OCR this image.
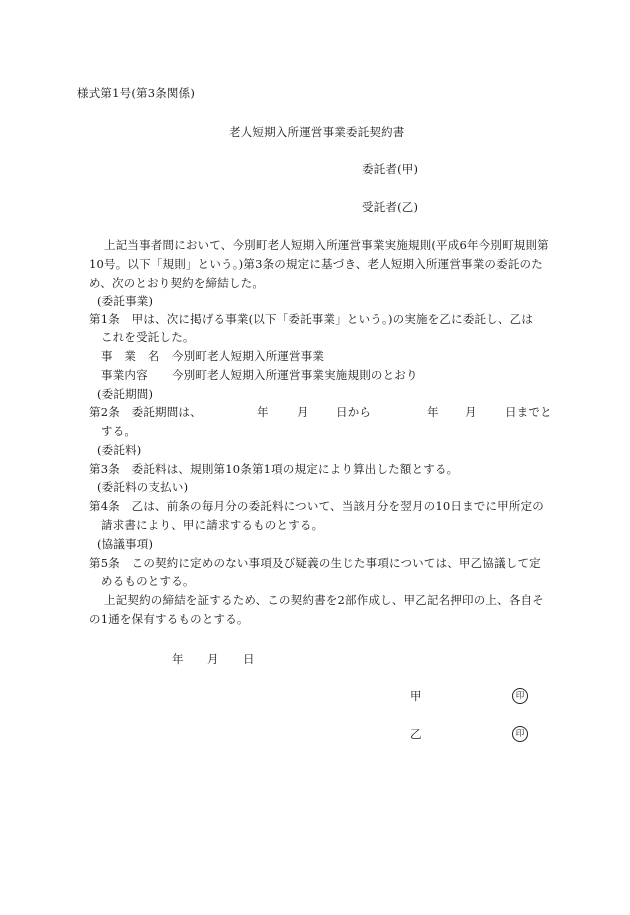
様式第1号(第3条関係)
老人短期入所運営事業委託契約書
委託者(甲)
受託者(乙)
上記当事者間において、今別町老人短期入所運営事業実施規則(平成6年今別町規則第
10号。以下「規則」という。)第3条の規定に基づき、老人短期入所運営事業の委託のた
め、次のとおり契約を締結した。
(委託事業)
第1条　甲は、次に掲げる事業(以下「委託事業」という。)の実施を乙に委託し、乙は
これを受託した。
事　業　名 今別町老人短期入所運営事業
事業内容 今別町老人短期入所運営事業実施規則のとおり
(委託期間)
第2条　委託期間は、	年 月 日から	年 月 日までと
する。
(委託料)
第3条　委託料は、規則第10条第1項の規定により算出した額とする。
(委託料の支払い)
第4条　乙は、前条の毎月分の委託料について、当該月分を翌月の10日までに甲所定の
請求書により、甲に請求するものとする。
(協議事項)
第5条　この契約に定めのない事項及び疑義の生じた事項については、甲乙協議して定
めるものとする。
上記契約の締結を証するため、この契約書を2部作成し、甲乙記名押印の上、各自そ
の1通を保有するものとする。
年 月 日
甲	印
乙	印
